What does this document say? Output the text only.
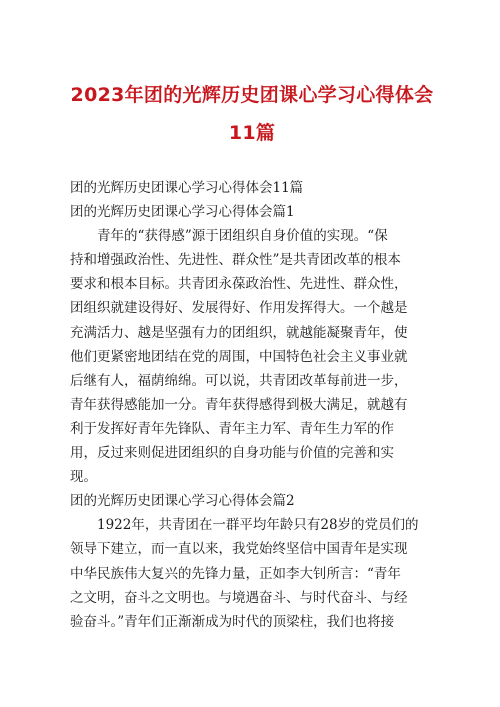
2023年团的光辉历史团课心学习心得体会
11篇

团的光辉历史团课心学习心得体会11篇

团的光辉历史团课心学习心得体会篇1

青年的“获得感”源于团组织自身价值的实现。“保

持和增强政治性、先进性、群众性”是共青团改革的根本

要求和根本目标。共青团永葆政治性、先进性、群众性，

团组织就建设得好、发展得好、作用发挥得大。一个越是

充满活力、越是坚强有力的团组织，就越能凝聚青年，使

他们更紧密地团结在党的周围，中国特色社会主义事业就

后继有人，福荫绵绵。可以说，共青团改革每前进一步，

青年获得感能加一分。青年获得感得到极大满足，就越有

利于发挥好青年先锋队、青年主力军、青年生力军的作

用，反过来则促进团组织的自身功能与价值的完善和实

现。

团的光辉历史团课心学习心得体会篇2

1922年，共青团在一群平均年龄只有28岁的党员们的

领导下建立，而一直以来，我党始终坚信中国青年是实现

中华民族伟大复兴的先锋力量，正如李大钊所言：“青年

之文明，奋斗之文明也。与境遇奋斗、与时代奋斗、与经

验奋斗。”青年们正渐渐成为时代的顶梁柱，我们也将接
